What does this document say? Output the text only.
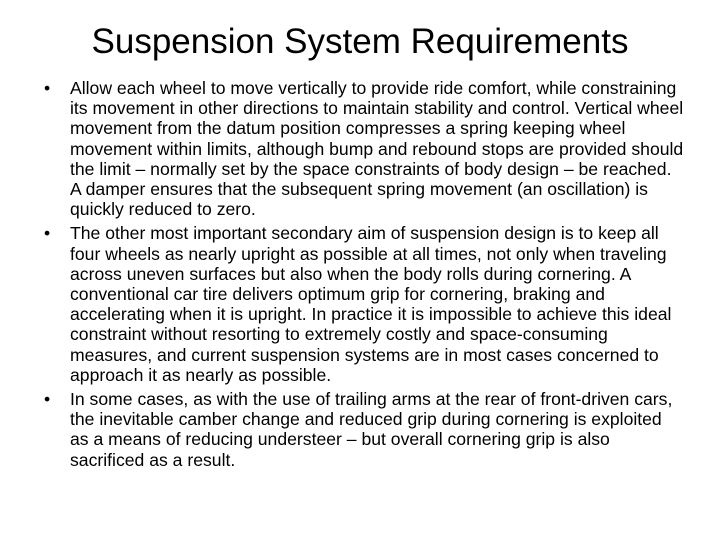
Suspension System Requirements
• Allow each wheel to move vertically to provide ride comfort, while constraining its movement in other directions to maintain stability and control. Vertical wheel movement from the datum position compresses a spring keeping wheel movement within limits, although bump and rebound stops are provided should the limit – normally set by the space constraints of body design – be reached. A damper ensures that the subsequent spring movement (an oscillation) is quickly reduced to zero.
• The other most important secondary aim of suspension design is to keep all four wheels as nearly upright as possible at all times, not only when traveling across uneven surfaces but also when the body rolls during cornering. A conventional car tire delivers optimum grip for cornering, braking and accelerating when it is upright. In practice it is impossible to achieve this ideal constraint without resorting to extremely costly and space-consuming measures, and current suspension systems are in most cases concerned to approach it as nearly as possible.
• In some cases, as with the use of trailing arms at the rear of front-driven cars, the inevitable camber change and reduced grip during cornering is exploited as a means of reducing understeer – but overall cornering grip is also sacrificed as a result.
